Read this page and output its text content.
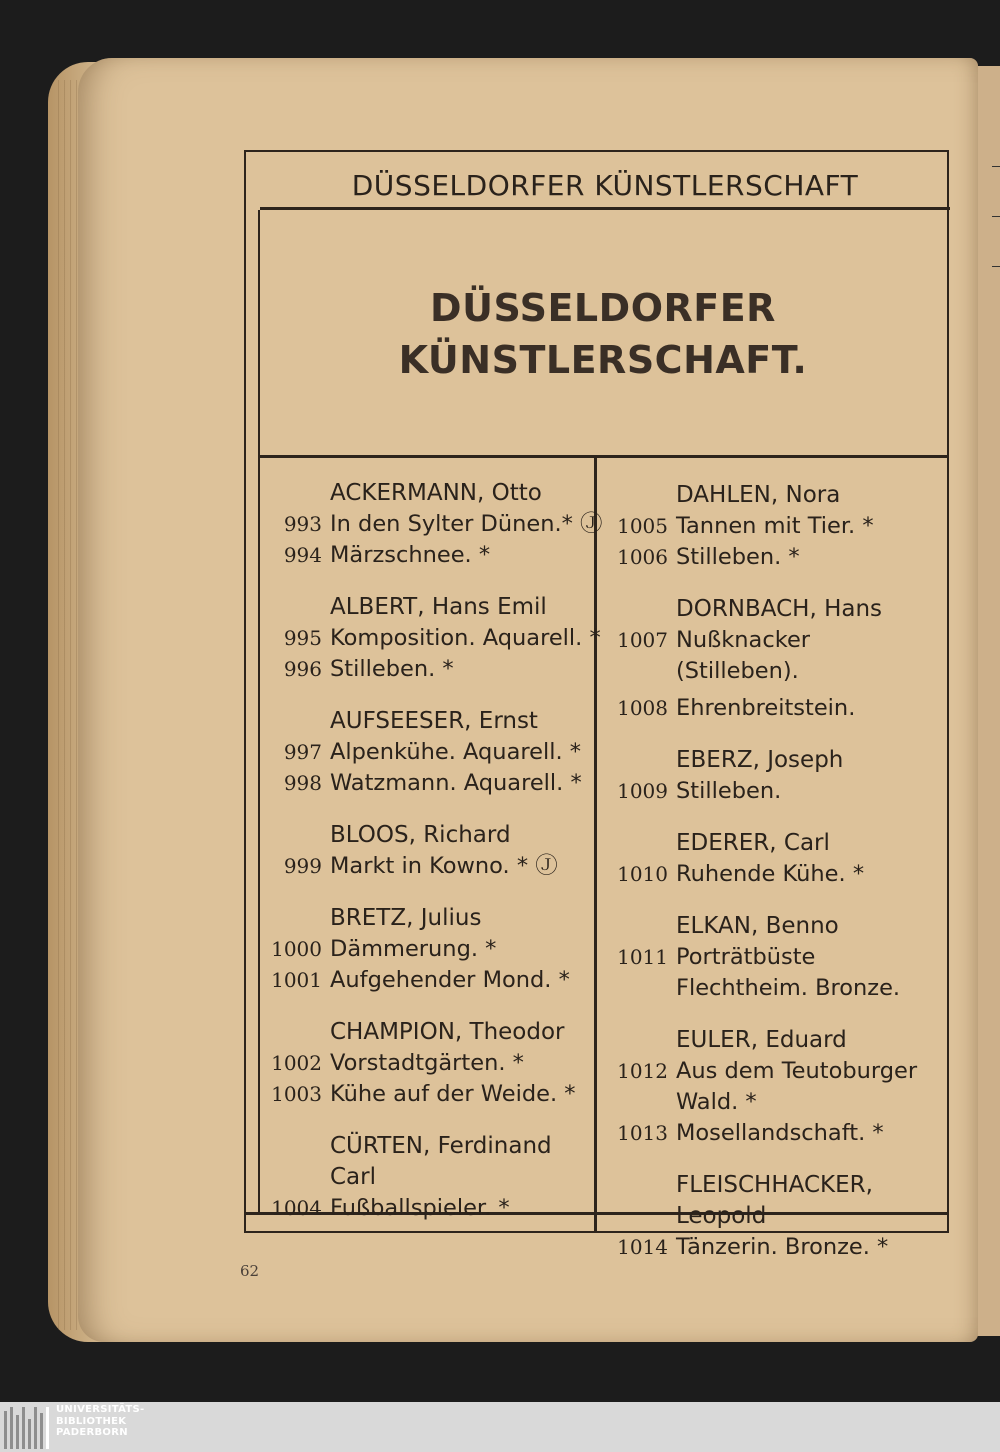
DÜSSELDORFER KÜNSTLERSCHAFT
DÜSSELDORFER
KÜNSTLERSCHAFT.

ACKERMANN, Otto

993 In den Sylter Dünen.* Ⓙ
994 Märzschnee. *

ALBERT, Hans Emil

995 Komposition. Aquarell. *
996 Stilleben. *

AUFSEESER, Ernst

997 Alpenkühe. Aquarell. *
998 Watzmann. Aquarell. *

BLOOS, Richard

999 Markt in Kowno. * Ⓙ

BRETZ, Julius

1000 Dämmerung. *
1001 Aufgehender Mond. *

CHAMPION, Theodor

1002 Vorstadtgärten. *
1003 Kühe auf der Weide. *

CÜRTEN, Ferdinand Carl

1004 Fußballspieler. *

DAHLEN, Nora

1005 Tannen mit Tier. *
1006 Stilleben. *

DORNBACH, Hans

1007 Nußknacker (Stilleben).
1008 Ehrenbreitstein.

EBERZ, Joseph

1009 Stilleben.

EDERER, Carl

1010 Ruhende Kühe. *

ELKAN, Benno

1011 Porträtbüste Flechtheim. Bronze.

EULER, Eduard

1012 Aus dem Teutoburger Wald. *
1013 Mosellandschaft. *

FLEISCHHACKER, Leopold

1014 Tänzerin. Bronze. *
62
UNIVERSITÄTS-
BIBLIOTHEK
PADERBORN
